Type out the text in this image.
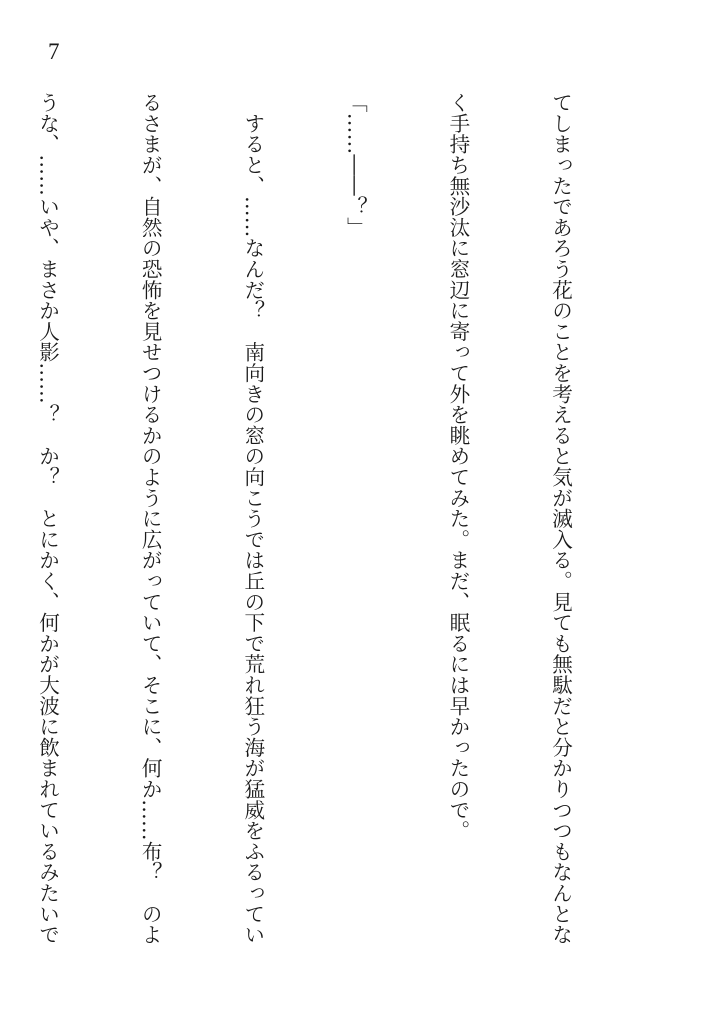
7

てしまったであろう花のことを考えると気が滅入る。見ても無駄だと分かりつつもなんとな

く手持ち無沙汰に窓辺に寄って外を眺めてみた。まだ、眠るには早かったので。

「……――？」

　すると、……なんだ？　南向きの窓の向こうでは丘の下で荒れ狂う海が猛威をふるってい

るさまが、自然の恐怖を見せつけるかのように広がっていて、そこに、何か……布？　のよ

うな、……いや、まさか人影……？　か？　とにかく、何かが大波に飲まれているみたいで
